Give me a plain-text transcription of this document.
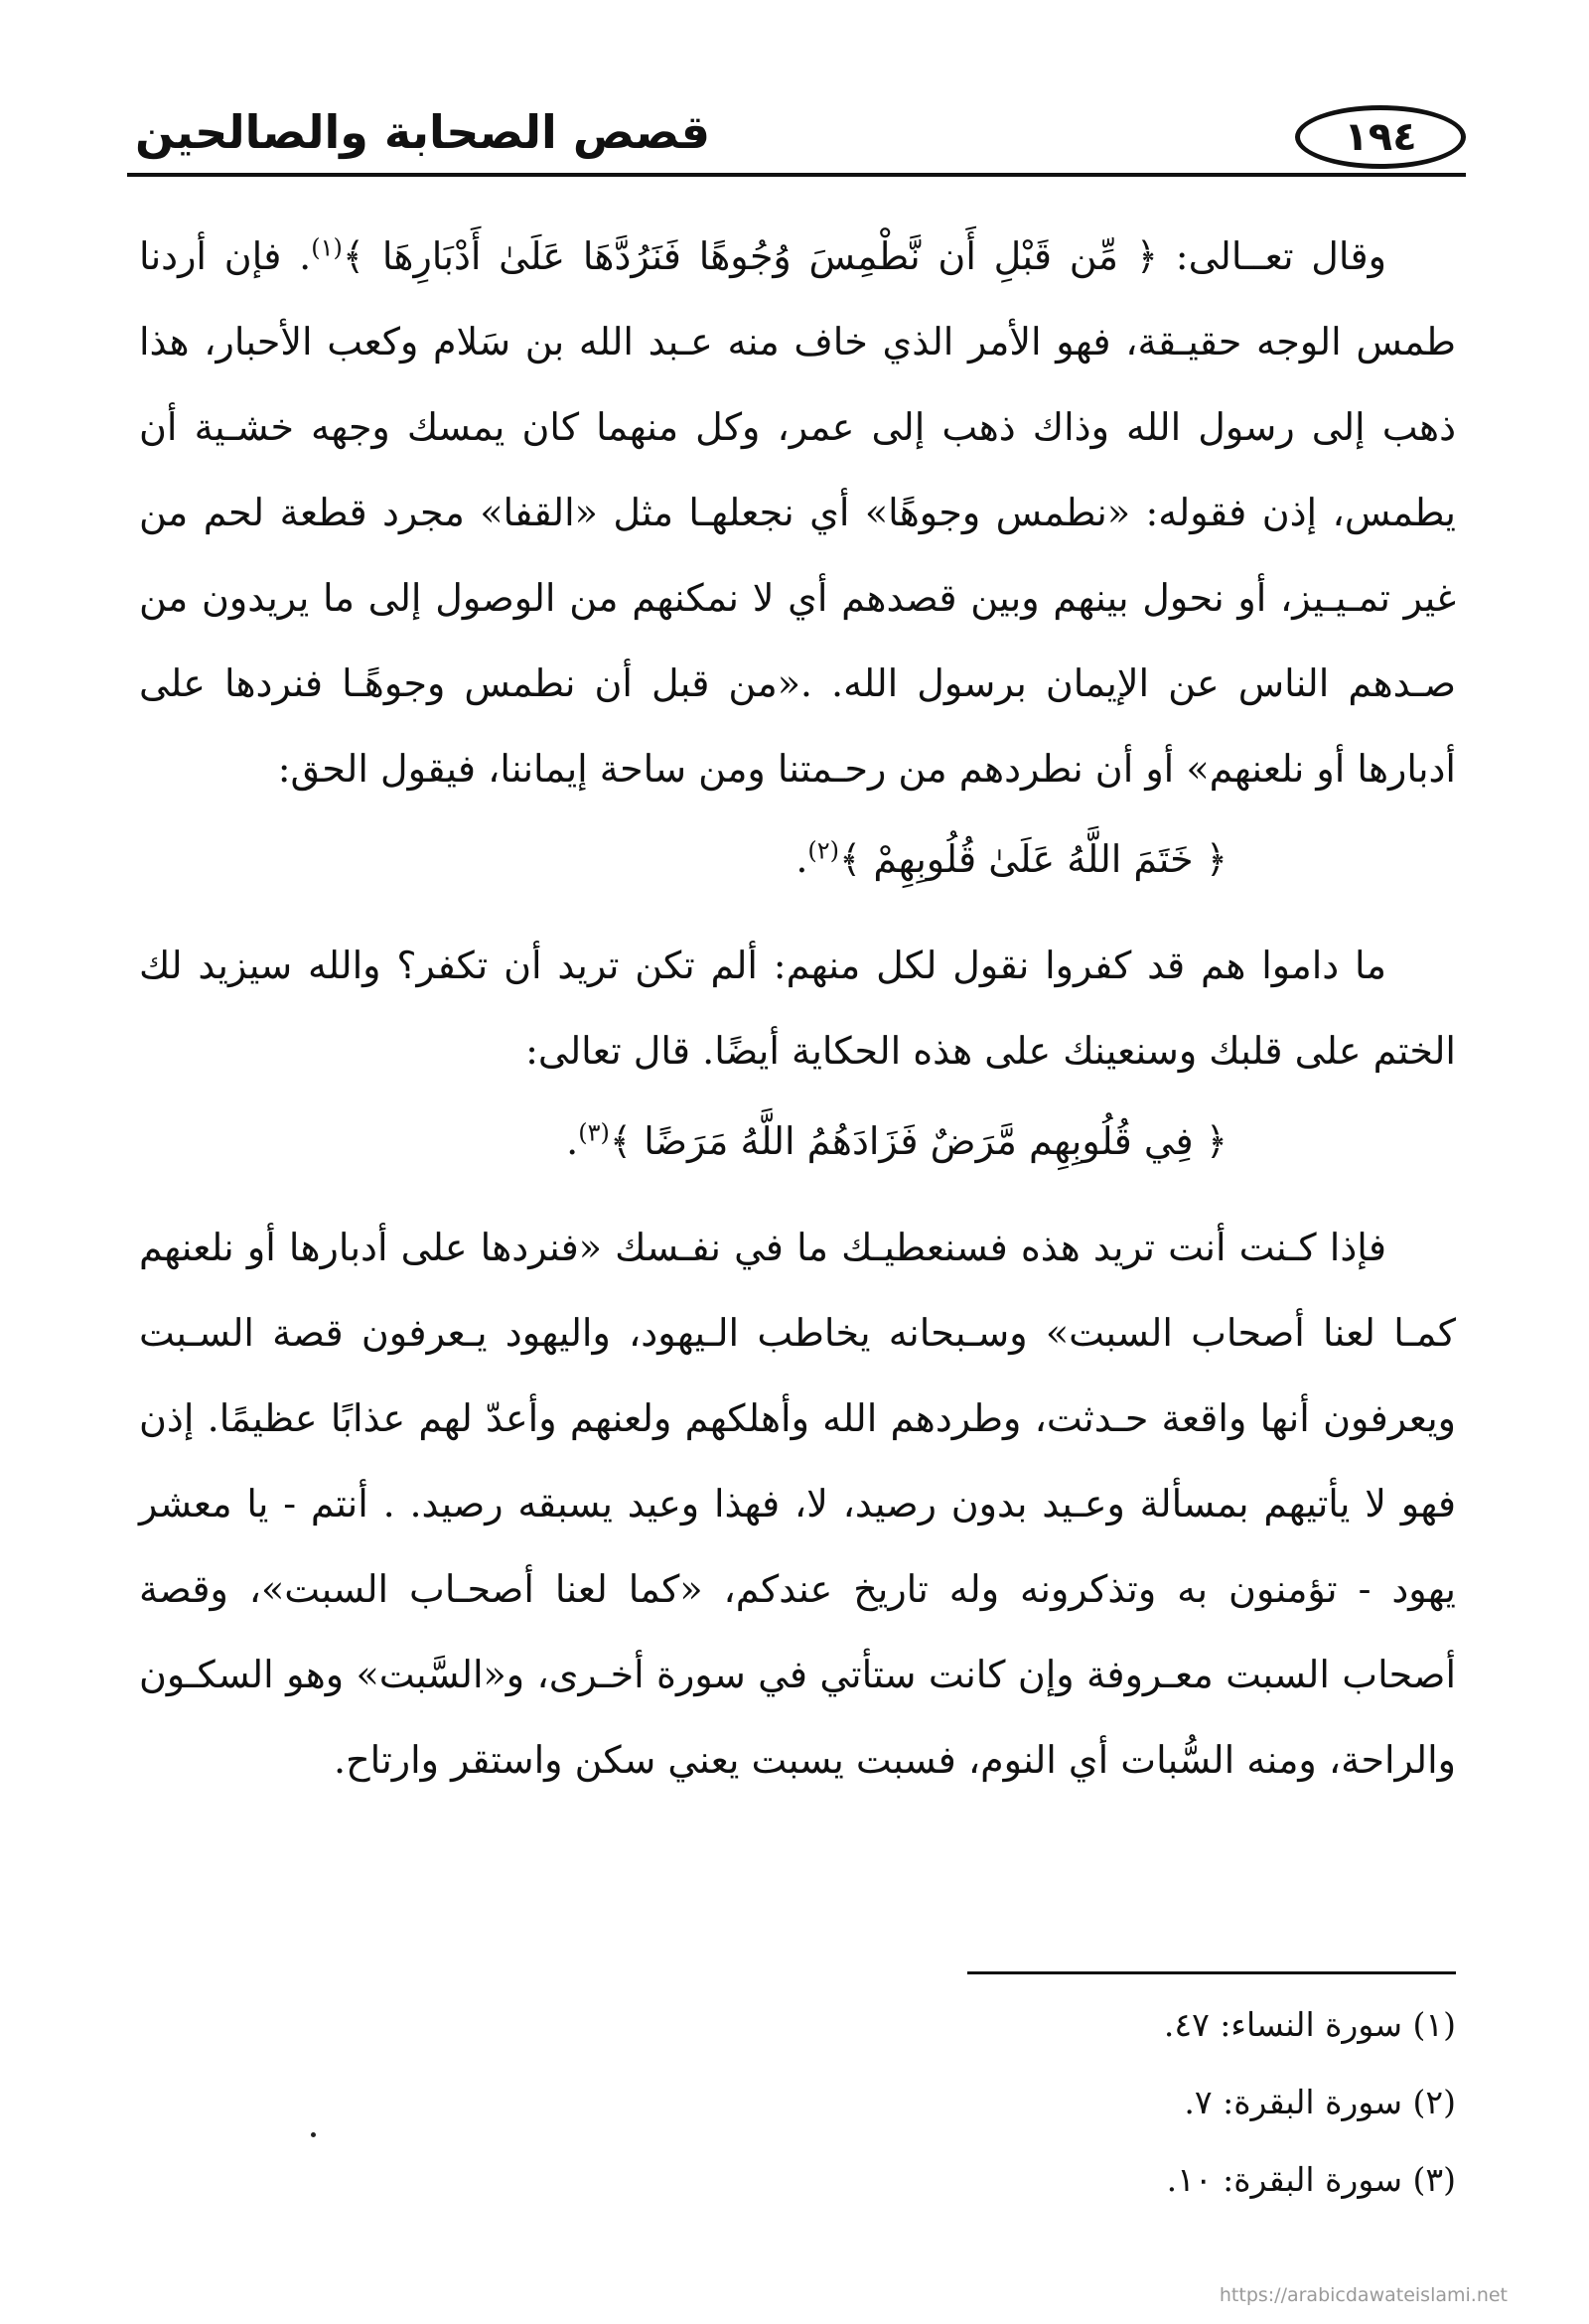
١٩٤
قصص الصحابة والصالحين

وقال تعــالى: ﴿ مِّن قَبْلِ أَن نَّطْمِسَ وُجُوهًا فَنَرُدَّهَا عَلَىٰ أَدْبَارِهَا ﴾$^{(١)}$. فإن أردنا طمس الوجه حقيـقة، فهو الأمر الذي خاف منه عـبد الله بن سَلام وكعب الأحبار، هذا ذهب إلى رسول الله وذاك ذهب إلى عمر، وكل منهما كان يمسك وجهه خشـية أن يطمس، إذن فقوله: «نطمس وجوهًا» أي نجعلهـا مثل «القفا» مجرد قطعة لحم من غير تمـيـيز، أو نحول بينهم وبين قصدهم أي لا نمكنهم من الوصول إلى ما يريدون من صـدهم الناس عن الإيمان برسول الله. .«من قبل أن نطمس وجوهًـا فنردها على أدبارها أو نلعنهم» أو أن نطردهم من رحـمتنا ومن ساحة إيماننا، فيقول الحق:

﴿ خَتَمَ اللَّهُ عَلَىٰ قُلُوبِهِمْ ﴾$^{(٢)}$.

ما داموا هم قد كفروا نقول لكل منهم: ألم تكن تريد أن تكفر؟ والله سيزيد لك الختم على قلبك وسنعينك على هذه الحكاية أيضًا. قال تعالى:

﴿ فِي قُلُوبِهِم مَّرَضٌ فَزَادَهُمُ اللَّهُ مَرَضًا ﴾$^{(٣)}$.

فإذا كـنت أنت تريد هذه فسنعطيـك ما في نفـسك «فنردها على أدبارها أو نلعنهم كمـا لعنا أصحاب السبت» وسـبحانه يخاطب الـيهود، واليهود يـعرفون قصة السـبت ويعرفون أنها واقعة حـدثت، وطردهم الله وأهلكهم ولعنهم وأعدّ لهم عذابًا عظيمًا. إذن فهو لا يأتيهم بمسألة وعـيد بدون رصيد، لا، فهذا وعيد يسبقه رصيد. . أنتم - يا معشر يهود - تؤمنون به وتذكرونه وله تاريخ عندكم، «كما لعنا أصحـاب السبت»، وقصة أصحاب السبت معـروفة وإن كانت ستأتي في سورة أخـرى، و«السَّبت» وهو السكـون والراحة، ومنه السُّبات أي النوم، فسبت يسبت يعني سكن واستقر وارتاح.

(١) سورة النساء: ٤٧.
(٢) سورة البقرة: ٧.
(٣) سورة البقرة: ١٠.
https://arabicdawateislami.net
